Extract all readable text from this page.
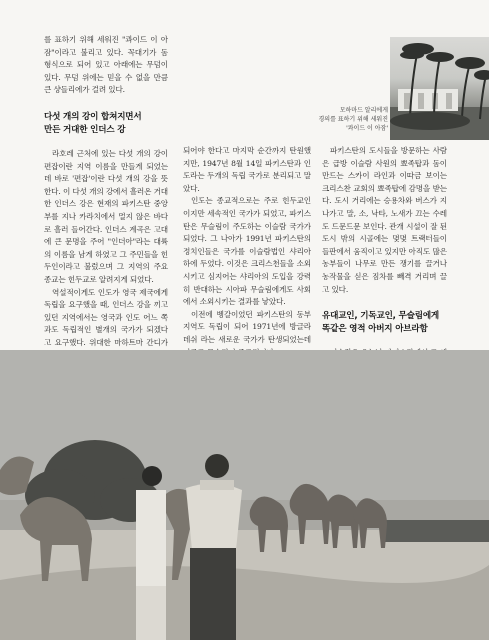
를 표하기 위해 세워진 "콰이드 이 아잠"이라고 불리고 있다. 꼭대기가 돔 형식으로 되어 있고 아래에는 무덤이 있다. 무덤 위에는 믿을 수 없을 만큼 큰 샹들리에가 걸려 있다.

다섯 개의 강이 합쳐지면서
만든 거대한 인더스 강

라호레 근처에 있는 다섯 개의 강이 편잡이란 지역 이름을 만들게 되었는데 바로 '편잡'이란 다섯 개의 강을 뜻한다. 이 다섯 개의 강에서 흘러온 거대한 인더스 강은 현재의 파키스탄 중앙부를 지나 카라치에서 멀지 않은 바다로 흘러 들어간다. 인더스 계곡은 고대에 큰 문명을 주어 "인더아"라는 대륙의 이름을 남게 하였고 그 주민들을 힌두인이라고 불렀으며 그 지역의 주요 종교는 힌두교로 알려지게 되었다.

역설적이게도 인도가 영국 제국에게 독립을 요구했을 때, 인더스 강을 끼고 있던 지역에서는 영국과 인도 어느 쪽과도 독립적인 별개의 국가가 되겠다고 요구했다. 위대한 마하트마 간디가

되어야 한다고 마지막 순간까지 탄원했지만, 1947년 8월 14일 파키스탄과 인도라는 두개의 독립 국가로 분리되고 말았다.

인도는 종교적으로는 주로 힌두교인이지만 세속적인 국가가 되었고, 파키스탄은 무슬림이 주도하는 이슬람 국가가 되었다. 그 나아가 1991년 파키스탄의 정치인들은 국가를 이슬람법인 샤리아 하에 두었다. 이것은 크리스천들을 소외시키고 심지어는 샤리아의 도입을 강력히 반대하는 시아파 무슬림에게도 사회에서 소외시키는 결과를 낳았다.

이전에 벵갈이었던 파키스탄의 동부 지역도 독립이 되어 1971년에 방글라데쉬 라는 새로운 국가가 탄생되었는데

파키스탄의 도시들을 방문하는 사람은 급방 이슬람 사원의 뾰족탑과 돔이 만드는 스카이 라인과 이따금 보이는 크리스찬 교회의 뾰족탑에 감명을 받는다. 도시 거리에는 승용차와 버스가 지나가고 말, 소, 낙타, 노새가 끄는 수레도 드문드문 보인다. 관개 시설이 잘 된 도시 밖의 시골에는 몇몇 트랙터들이 들판에서 움직이고 있지만 아직도 많은 농부들이 나무로 만든 쟁기를 끌거나 농작물을 싣은 짐차를 빼격 거리며 끌고 있다.

유대교인, 기독교인, 무슬림에게
똑같은 영적 아버지 아브라함

모하마드 알리에게
경의를 표하기 위해 세워진
'콰이드 이 아잠'
